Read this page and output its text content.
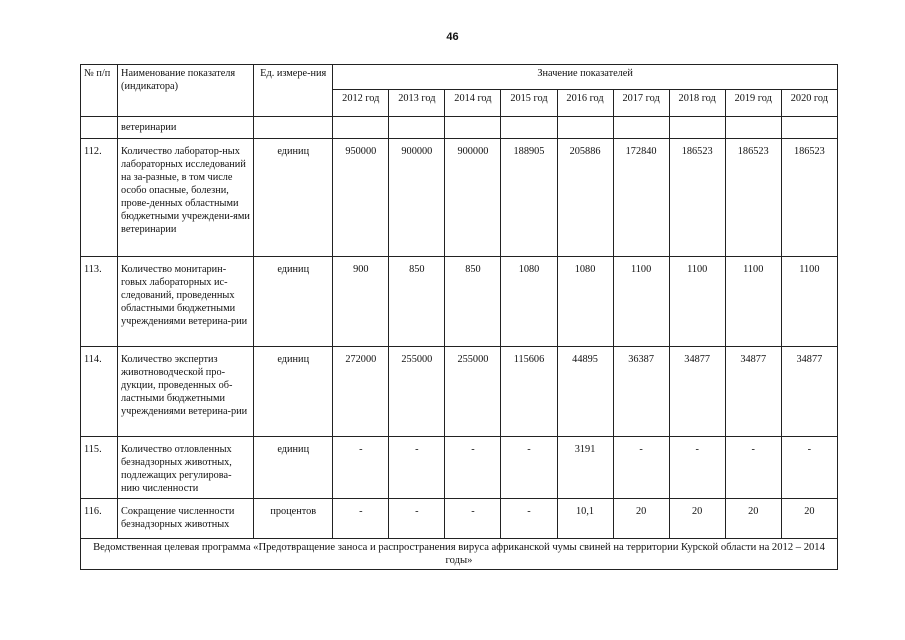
46
№ п/п	Наименование показателя (индикатора)	Ед. измере-ния	Значение показателей								
			2012 год	2013 год	2014 год	2015 год	2016 год	2017 год	2018 год	2019 год	2020 год
	ветеринарии										
112.	Количество лаборатор-ных лабораторных исследований на за-разные, в том числе особо опасные, болезни, прове-денных областными бюджетными учреждени-ями ветеринарии	единиц	950000	900000	900000	188905	205886	172840	186523	186523	186523
113.	Количество монитарин-говых лабораторных ис-следований, проведенных областными бюджетными учреждениями ветерина-рии	единиц	900	850	850	1080	1080	1100	1100	1100	1100
114.	Количество экспертиз животноводческой про-дукции, проведенных об-ластными бюджетными учреждениями ветерина-рии	единиц	272000	255000	255000	115606	44895	36387	34877	34877	34877
115.	Количество отловленных безнадзорных животных, подлежащих регулирова-нию численности	единиц	-	-	-	-	3191	-	-	-	-
116.	Сокращение численности безнадзорных животных	процентов	-	-	-	-	10,1	20	20	20	20
Ведомственная целевая программа «Предотвращение заноса и распространения вируса африканской чумы свиней на территории Курской области на 2012 – 2014 годы»											
